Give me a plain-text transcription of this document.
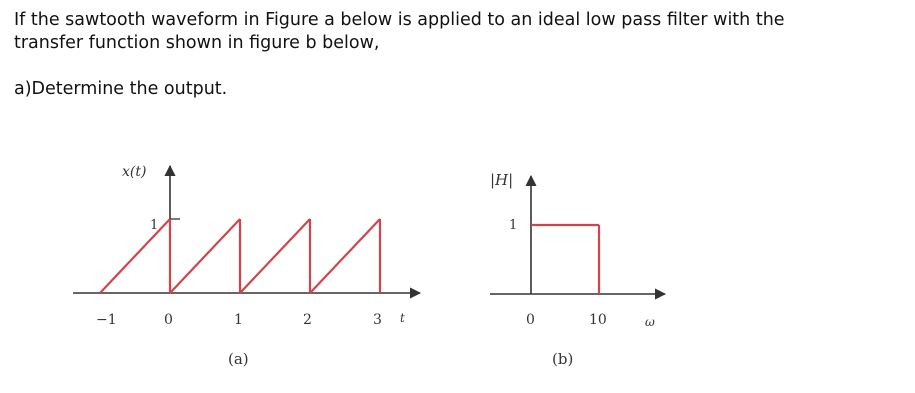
If the sawtooth waveform in Figure a below is applied to an ideal low pass filter with the

transfer function shown in figure b below,

a)Determine the output.

x(t)
1
−1	0	1	2	3 t
(a)
|H|
1
0	10	ω
(b)
